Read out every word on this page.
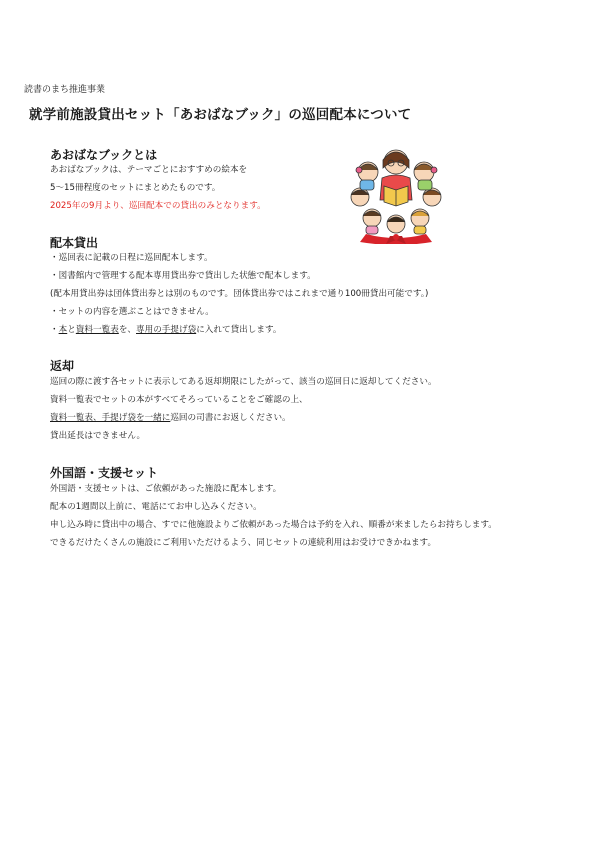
読書のまち推進事業
就学前施設貸出セット「あおばなブック」の巡回配本について
あおばなブックとは
あおばなブックは、テーマごとにおすすめの絵本を
5～15冊程度のセットにまとめたものです。
2025年の9月より、巡回配本での貸出のみとなります。
配本貸出
・巡回表に記載の日程に巡回配本します。
・図書館内で管理する配本専用貸出券で貸出した状態で配本します。
(配本用貸出券は団体貸出券とは別のものです。団体貸出券ではこれまで通り100冊貸出可能です。)
・セットの内容を選ぶことはできません。
・本と資料一覧表を、専用の手提げ袋に入れて貸出します。
返却
巡回の際に渡す各セットに表示してある返却期限にしたがって、該当の巡回日に返却してください。
資料一覧表でセットの本がすべてそろっていることをご確認の上、
資料一覧表、手提げ袋を一緒に巡回の司書にお返しください。
貸出延長はできません。
外国語・支援セット
外国語・支援セットは、ご依頼があった施設に配本します。
配本の1週間以上前に、電話にてお申し込みください。
申し込み時に貸出中の場合、すでに他施設よりご依頼があった場合は予約を入れ、順番が来ましたらお持ちします。
できるだけたくさんの施設にご利用いただけるよう、同じセットの連続利用はお受けできかねます。
